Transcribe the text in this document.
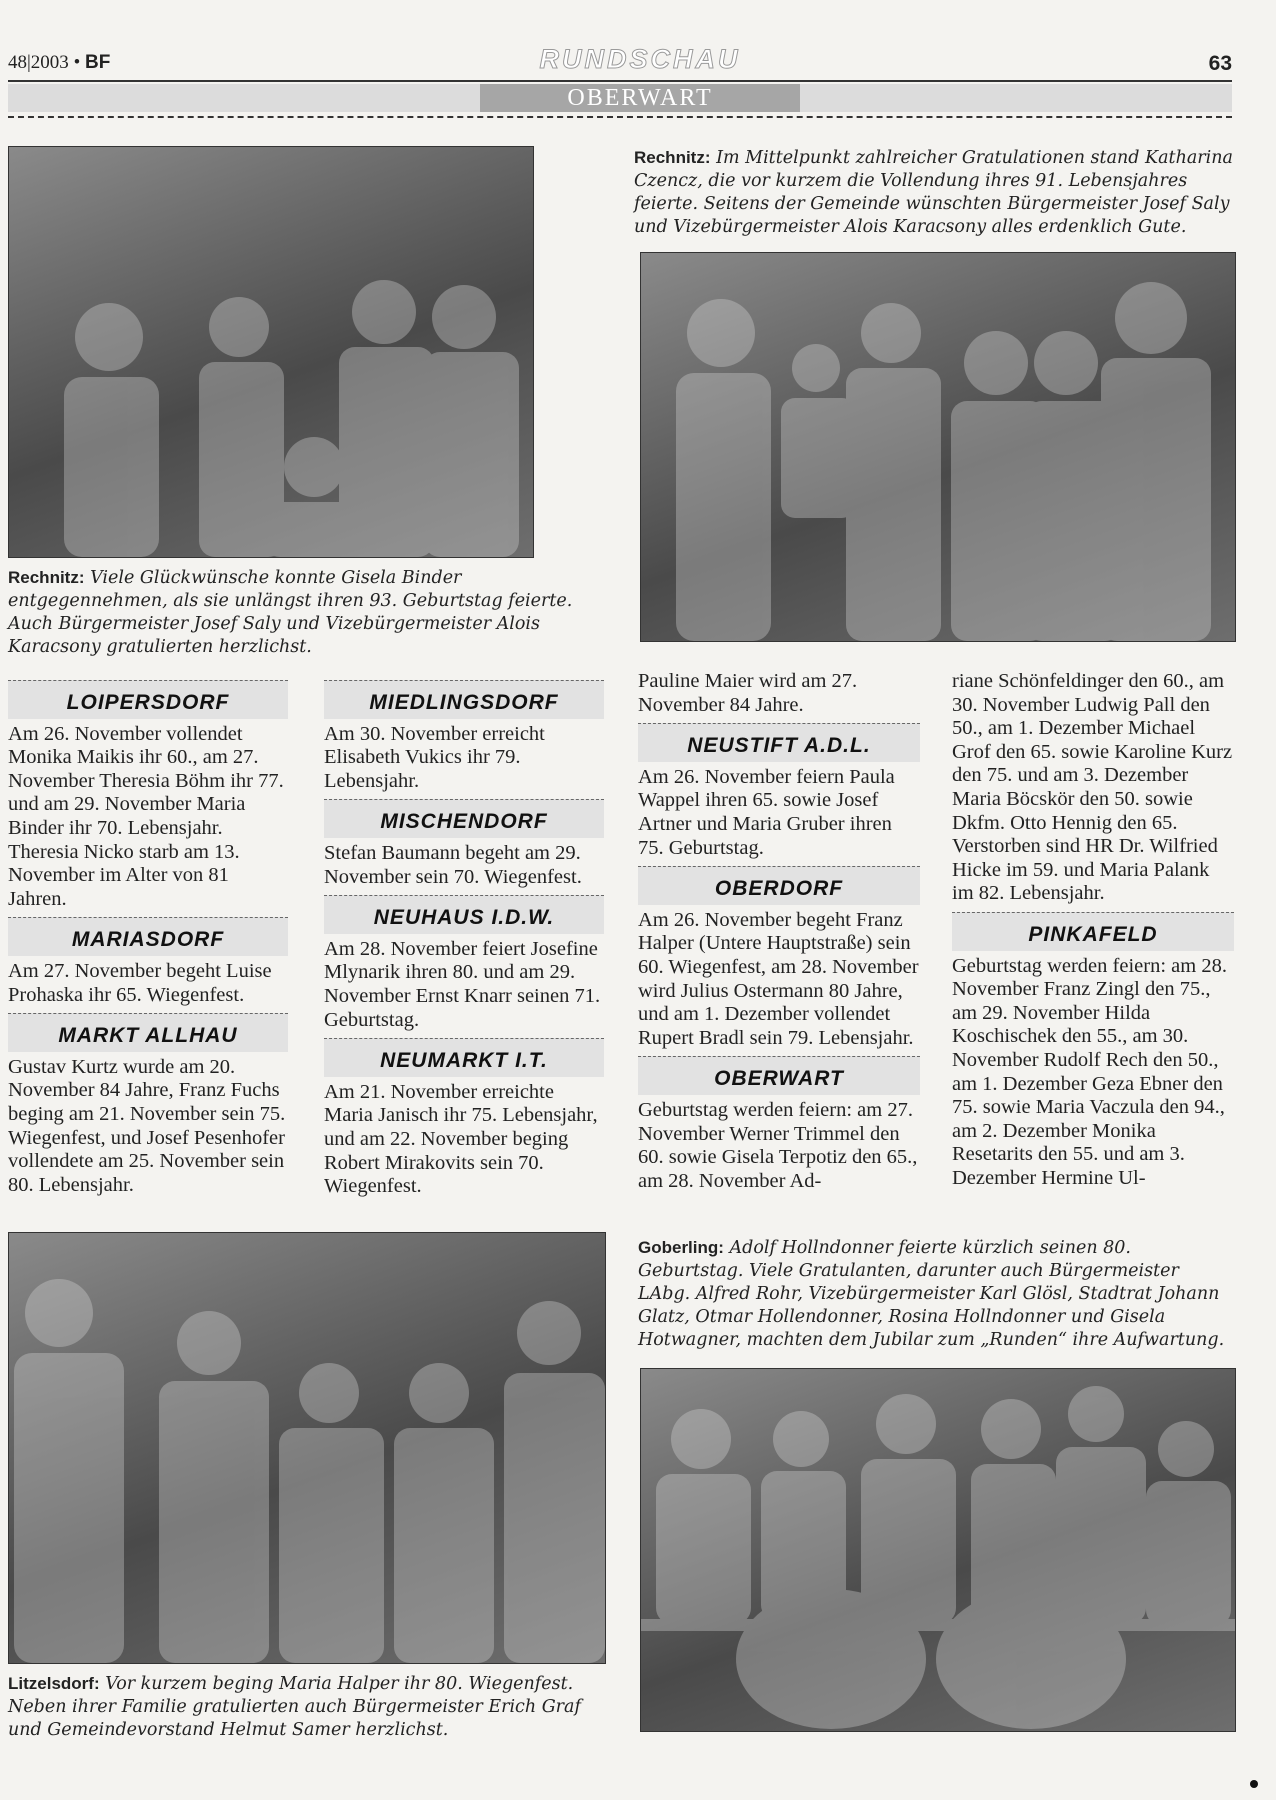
48|2003 • BF	RUNDSCHAU	63
OBERWART
Rechnitz: Im Mittelpunkt zahlreicher Gratulationen stand Katharina Czencz, die vor kurzem die Vollendung ihres 91. Lebensjahres feierte. Seitens der Gemeinde wünschten Bürgermeister Josef Saly und Vizebürgermeister Alois Karacsony alles erdenklich Gute.
Rechnitz: Viele Glückwünsche konnte Gisela Binder entgegennehmen, als sie unlängst ihren 93. Geburtstag feierte. Auch Bürgermeister Josef Saly und Vizebürgermeister Alois Karacsony gratulierten herzlichst.
LOIPERSDORF

Am 26. November vollendet Monika Maikis ihr 60., am 27. November Theresia Böhm ihr 77. und am 29. November Maria Binder ihr 70. Lebensjahr. Theresia Nicko starb am 13. November im Alter von 81 Jahren.

MARIASDORF

Am 27. November begeht Luise Prohaska ihr 65. Wiegenfest.

MARKT ALLHAU

Gustav Kurtz wurde am 20. November 84 Jahre, Franz Fuchs beging am 21. November sein 75. Wiegenfest, und Josef Pesenhofer vollendete am 25. November sein 80. Lebensjahr.

MIEDLINGSDORF

Am 30. November erreicht Elisabeth Vukics ihr 79. Lebensjahr.

MISCHENDORF

Stefan Baumann begeht am 29. November sein 70. Wiegenfest.

NEUHAUS I.D.W.

Am 28. November feiert Josefine Mlynarik ihren 80. und am 29. November Ernst Knarr seinen 71. Geburtstag.

NEUMARKT I.T.

Am 21. November erreichte Maria Janisch ihr 75. Lebensjahr, und am 22. November beging Robert Mirakovits sein 70. Wiegenfest.

Pauline Maier wird am 27. November 84 Jahre.

NEUSTIFT A.D.L.

Am 26. November feiern Paula Wappel ihren 65. sowie Josef Artner und Maria Gruber ihren 75. Geburtstag.

OBERDORF

Am 26. November begeht Franz Halper (Untere Hauptstraße) sein 60. Wiegenfest, am 28. November wird Julius Ostermann 80 Jahre, und am 1. Dezember vollendet Rupert Bradl sein 79. Lebensjahr.

OBERWART

Geburtstag werden feiern: am 27. November Werner Trimmel den 60. sowie Gisela Terpotiz den 65., am 28. November Ad-

riane Schönfeldinger den 60., am 30. November Ludwig Pall den 50., am 1. Dezember Michael Grof den 65. sowie Karoline Kurz den 75. und am 3. Dezember Maria Böcskör den 50. sowie Dkfm. Otto Hennig den 65. Verstorben sind HR Dr. Wilfried Hicke im 59. und Maria Palank im 82. Lebensjahr.

PINKAFELD

Geburtstag werden feiern: am 28. November Franz Zingl den 75., am 29. November Hilda Koschischek den 55., am 30. November Rudolf Rech den 50., am 1. Dezember Geza Ebner den 75. sowie Maria Vaczula den 94., am 2. Dezember Monika Resetarits den 55. und am 3. Dezember Hermine Ul-

Goberling: Adolf Hollndonner feierte kürzlich seinen 80. Geburtstag. Viele Gratulanten, darunter auch Bürgermeister LAbg. Alfred Rohr, Vizebürgermeister Karl Glösl, Stadtrat Johann Glatz, Otmar Hollendonner, Rosina Hollndonner und Gisela Hotwagner, machten dem Jubilar zum „Runden“ ihre Aufwartung.
Litzelsdorf: Vor kurzem beging Maria Halper ihr 80. Wiegenfest. Neben ihrer Familie gratulierten auch Bürgermeister Erich Graf und Gemeindevorstand Helmut Samer herzlichst.
